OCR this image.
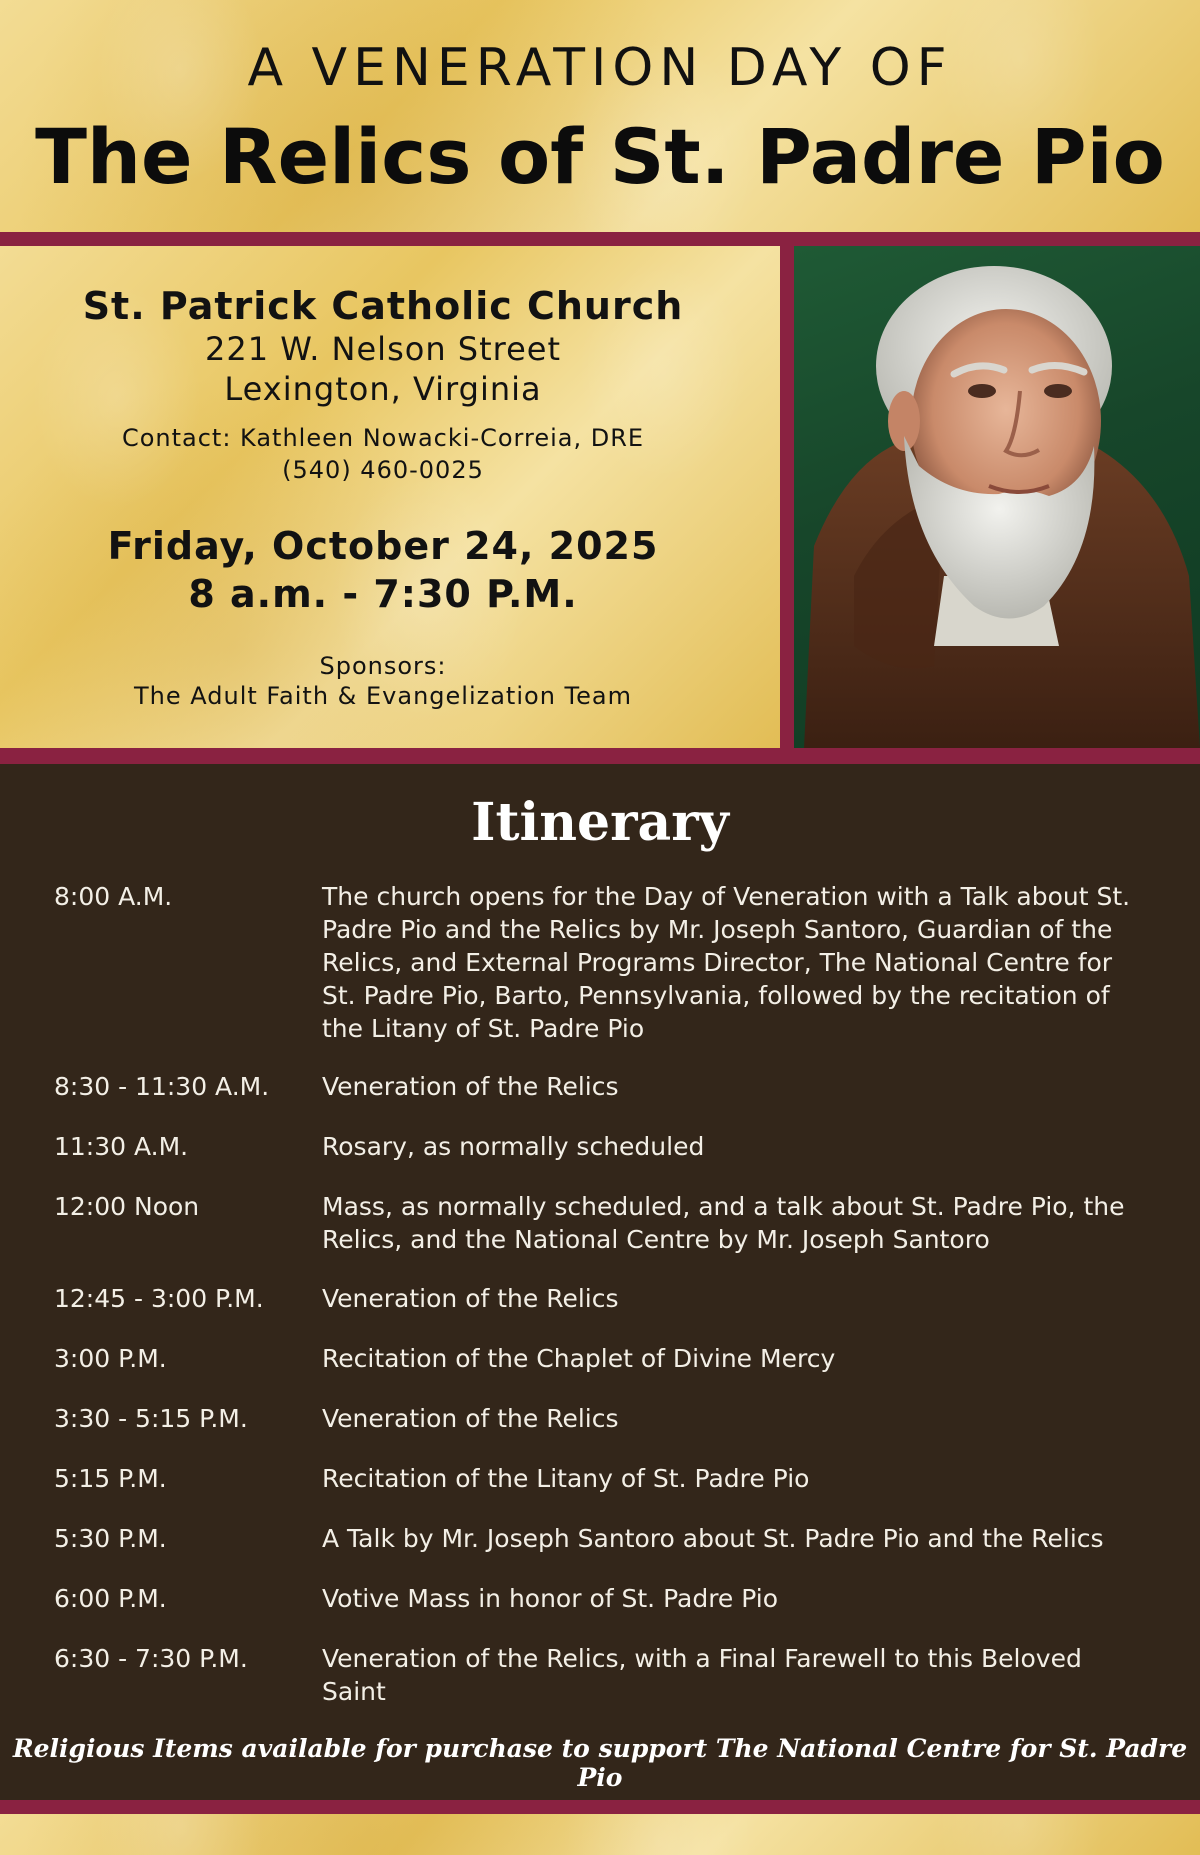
A VENERATION DAY OF
The Relics of St. Padre Pio
St. Patrick Catholic Church
221 W. Nelson Street
Lexington, Virginia
Contact: Kathleen Nowacki-Correia, DRE
(540) 460-0025
Friday, October 24, 2025
8 a.m. - 7:30 P.M.
Sponsors:
The Adult Faith & Evangelization Team
Itinerary
8:00 A.M.	The church opens for the Day of Veneration with a Talk about St. Padre Pio and the Relics by Mr. Joseph Santoro, Guardian of the Relics, and External Programs Director, The National Centre for St. Padre Pio, Barto, Pennsylvania, followed by the recitation of the Litany of St. Padre Pio
8:30 - 11:30 A.M.	Veneration of the Relics
11:30 A.M.	Rosary, as normally scheduled
12:00 Noon	Mass, as normally scheduled, and a talk about St. Padre Pio, the Relics, and the National Centre by Mr. Joseph Santoro
12:45 - 3:00 P.M.	Veneration of the Relics
3:00 P.M.	Recitation of the Chaplet of Divine Mercy
3:30 - 5:15 P.M.	Veneration of the Relics
5:15 P.M.	Recitation of the Litany of St. Padre Pio
5:30 P.M.	A Talk by Mr. Joseph Santoro about St. Padre Pio and the Relics
6:00 P.M.	Votive Mass in honor of St. Padre Pio
6:30 - 7:30 P.M.	Veneration of the Relics, with a Final Farewell to this Beloved Saint
Religious Items available for purchase to support The National Centre for St. Padre Pio
